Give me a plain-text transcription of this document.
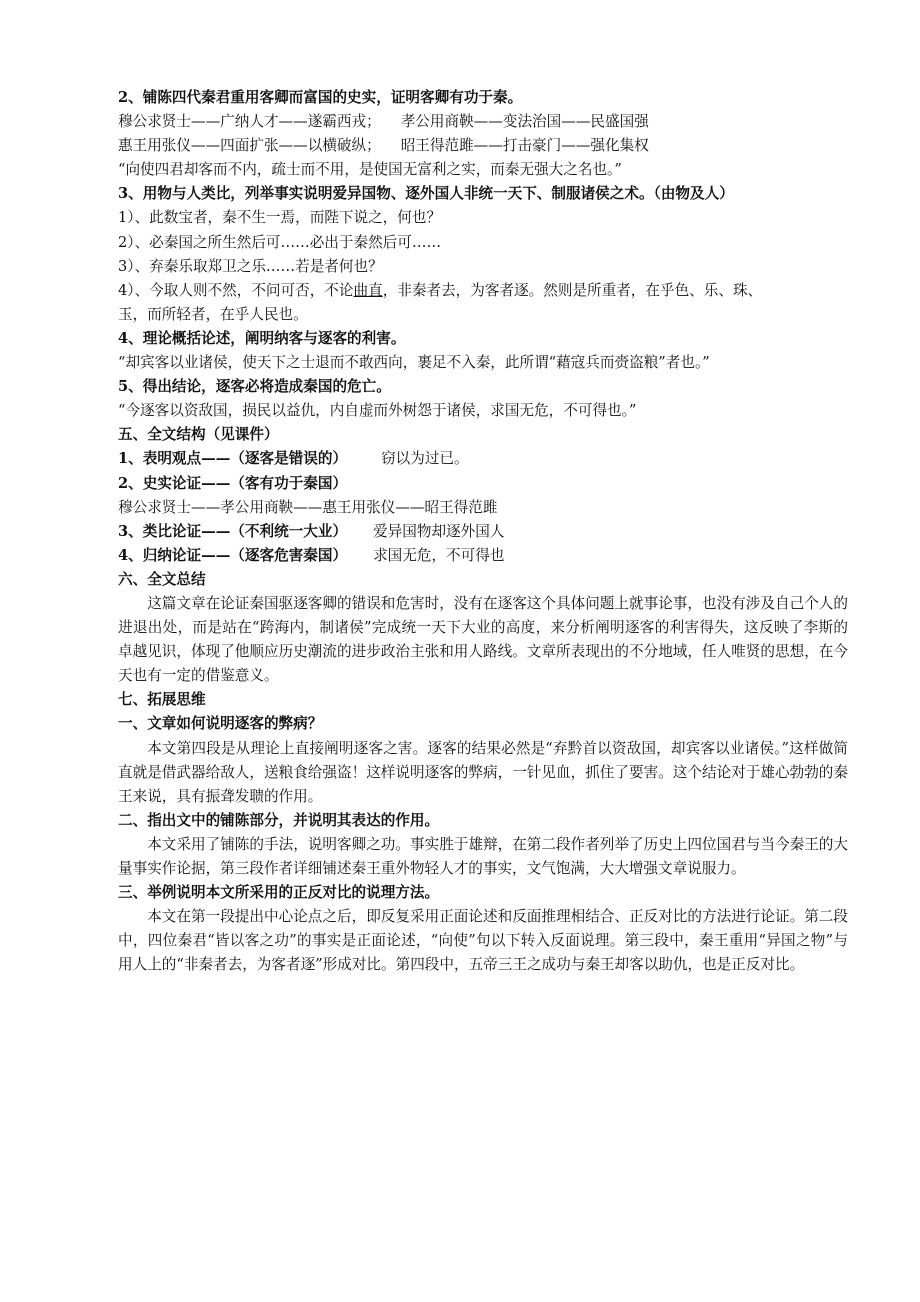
2、铺陈四代秦君重用客卿而富国的史实，证明客卿有功于秦。
穆公求贤士——广纳人才——遂霸西戎； 孝公用商鞅——变法治国——民盛国强
惠王用张仪——四面扩张——以横破纵； 昭王得范雎——打击豪门——强化集权
“向使四君却客而不内，疏士而不用，是使国无富利之实，而秦无强大之名也。”
3、用物与人类比，列举事实说明爱异国物、逐外国人非统一天下、制服诸侯之术。（由物及人）
1）、此数宝者，秦不生一焉，而陛下说之，何也？
2）、必秦国之所生然后可……必出于秦然后可……
3）、弃秦乐取郑卫之乐……若是者何也？
4）、今取人则不然，不问可否，不论曲直，非秦者去，为客者逐。然则是所重者，在乎色、乐、珠、
玉，而所轻者，在乎人民也。
4、理论概括论述，阐明纳客与逐客的利害。
“却宾客以业诸侯，使天下之士退而不敢西向，裹足不入秦，此所谓“藉寇兵而赍盗粮”者也。”
5、得出结论，逐客必将造成秦国的危亡。
“今逐客以资敌国，损民以益仇，内自虚而外树怨于诸侯，求国无危，不可得也。”
五、全文结构（见课件）
1、表明观点——（逐客是错误的） 窃以为过已。
2、史实论证——（客有功于秦国）
穆公求贤士——孝公用商鞅——惠王用张仪——昭王得范雎
3、类比论证——（不利统一大业） 爱异国物却逐外国人
4、归纳论证——（逐客危害秦国） 求国无危，不可得也
六、全文总结
这篇文章在论证秦国驱逐客卿的错误和危害时，没有在逐客这个具体问题上就事论事，也没有涉及自己个人的进退出处，而是站在“跨海内，制诸侯”完成统一天下大业的高度，来分析阐明逐客的利害得失，这反映了李斯的卓越见识，体现了他顺应历史潮流的进步政治主张和用人路线。文章所表现出的不分地域，任人唯贤的思想，在今天也有一定的借鉴意义。
七、拓展思维
一、文章如何说明逐客的弊病？
本文第四段是从理论上直接阐明逐客之害。逐客的结果必然是“弃黔首以资敌国，却宾客以业诸侯。”这样做简直就是借武器给敌人，送粮食给强盗！这样说明逐客的弊病，一针见血，抓住了要害。这个结论对于雄心勃勃的秦王来说，具有振聋发聩的作用。
二、指出文中的铺陈部分，并说明其表达的作用。
本文采用了铺陈的手法，说明客卿之功。事实胜于雄辩，在第二段作者列举了历史上四位国君与当今秦王的大量事实作论据，第三段作者详细铺述秦王重外物轻人才的事实，文气饱满，大大增强文章说服力。
三、举例说明本文所采用的正反对比的说理方法。
本文在第一段提出中心论点之后，即反复采用正面论述和反面推理相结合、正反对比的方法进行论证。第二段中，四位秦君“皆以客之功”的事实是正面论述，“向使”句以下转入反面说理。第三段中，秦王重用“异国之物”与用人上的“非秦者去，为客者逐”形成对比。第四段中，五帝三王之成功与秦王却客以助仇，也是正反对比。
